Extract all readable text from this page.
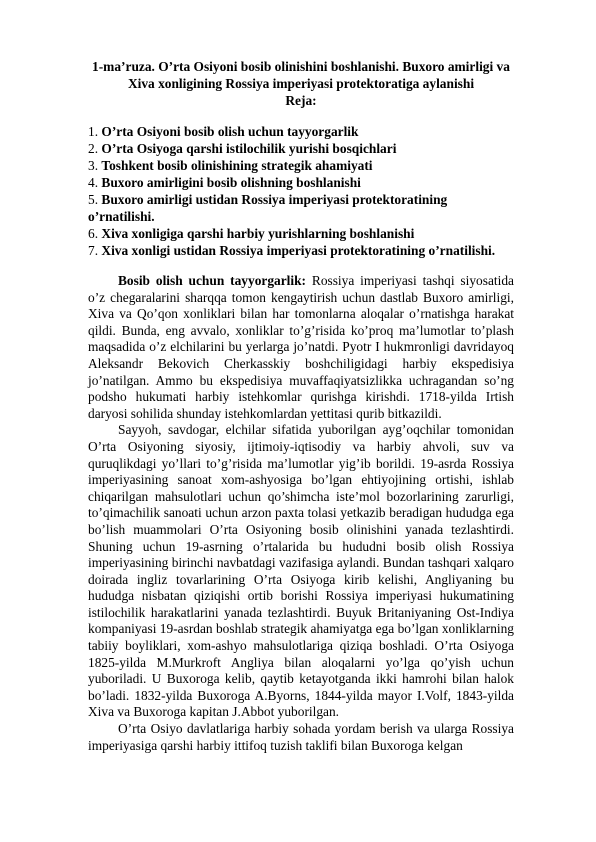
1-ma’ruza. O’rta Osiyoni bosib olinishini boshlanishi. Buxoro amirligi va Xiva xonligining Rossiya imperiyasi protektoratiga aylanishi

Reja:

1. O’rta Osiyoni bosib olish uchun tayyorgarlik
2. O’rta Osiyoga qarshi istilochilik yurishi bosqichlari
3. Toshkent bosib olinishining strategik ahamiyati
4. Buxoro amirligini bosib olishning boshlanishi
5. Buxoro amirligi ustidan Rossiya imperiyasi protektoratining o’rnatilishi.
6. Xiva xonligiga qarshi harbiy yurishlarning boshlanishi
7. Xiva xonligi ustidan Rossiya imperiyasi protektoratining o’rnatilishi.

Bosib olish uchun tayyorgarlik: Rossiya imperiyasi tashqi siyosatida o’z chegaralarini sharqqa tomon kengaytirish uchun dastlab Buxoro amirligi, Xiva va Qo’qon xonliklari bilan har tomonlarna aloqalar o’rnatishga harakat qildi. Bunda, eng avvalo, xonliklar to’g’risida ko’proq ma’lumotlar to’plash maqsadida o’z elchilarini bu yerlarga jo’natdi. Pyotr I hukmronligi davridayoq Aleksandr Bekovich Cherkasskiy boshchiligidagi harbiy ekspedisiya jo’natilgan. Ammo bu ekspedisiya muvaffaqiyatsizlikka uchragandan so’ng podsho hukumati harbiy istehkomlar qurishga kirishdi. 1718-yilda Irtish daryosi sohilida shunday istehkomlardan yettitasi qurib bitkazildi.

Sayyoh, savdogar, elchilar sifatida yuborilgan ayg’oqchilar tomonidan O’rta Osiyoning siyosiy, ijtimoiy-iqtisodiy va harbiy ahvoli, suv va quruqlikdagi yo’llari to’g’risida ma’lumotlar yig’ib borildi. 19-asrda Rossiya imperiyasining sanoat xom-ashyosiga bo’lgan ehtiyojining ortishi, ishlab chiqarilgan mahsulotlari uchun qo’shimcha iste’mol bozorlarining zarurligi, to’qimachilik sanoati uchun arzon paxta tolasi yetkazib beradigan hududga ega bo’lish muammolari O’rta Osiyoning bosib olinishini yanada tezlashtirdi. Shuning uchun 19-asrning o’rtalarida bu hududni bosib olish Rossiya imperiyasining birinchi navbatdagi vazifasiga aylandi. Bundan tashqari xalqaro doirada ingliz tovarlarining O’rta Osiyoga kirib kelishi, Angliyaning bu hududga nisbatan qiziqishi ortib borishi Rossiya imperiyasi hukumatining istilochilik harakatlarini yanada tezlashtirdi. Buyuk Britaniyaning Ost-Indiya kompaniyasi 19-asrdan boshlab strategik ahamiyatga ega bo’lgan xonliklarning tabiiy boyliklari, xom-ashyo mahsulotlariga qiziqa boshladi. O’rta Osiyoga 1825-yilda M.Murkroft Angliya bilan aloqalarni yo’lga qo’yish uchun yuboriladi. U Buxoroga kelib, qaytib ketayotganda ikki hamrohi bilan halok bo’ladi. 1832-yilda Buxoroga A.Byorns, 1844-yilda mayor I.Volf, 1843-yilda Xiva va Buxoroga kapitan J.Abbot yuborilgan.

O’rta Osiyo davlatlariga harbiy sohada yordam berish va ularga Rossiya imperiyasiga qarshi harbiy ittifoq tuzish taklifi bilan Buxoroga kelgan
